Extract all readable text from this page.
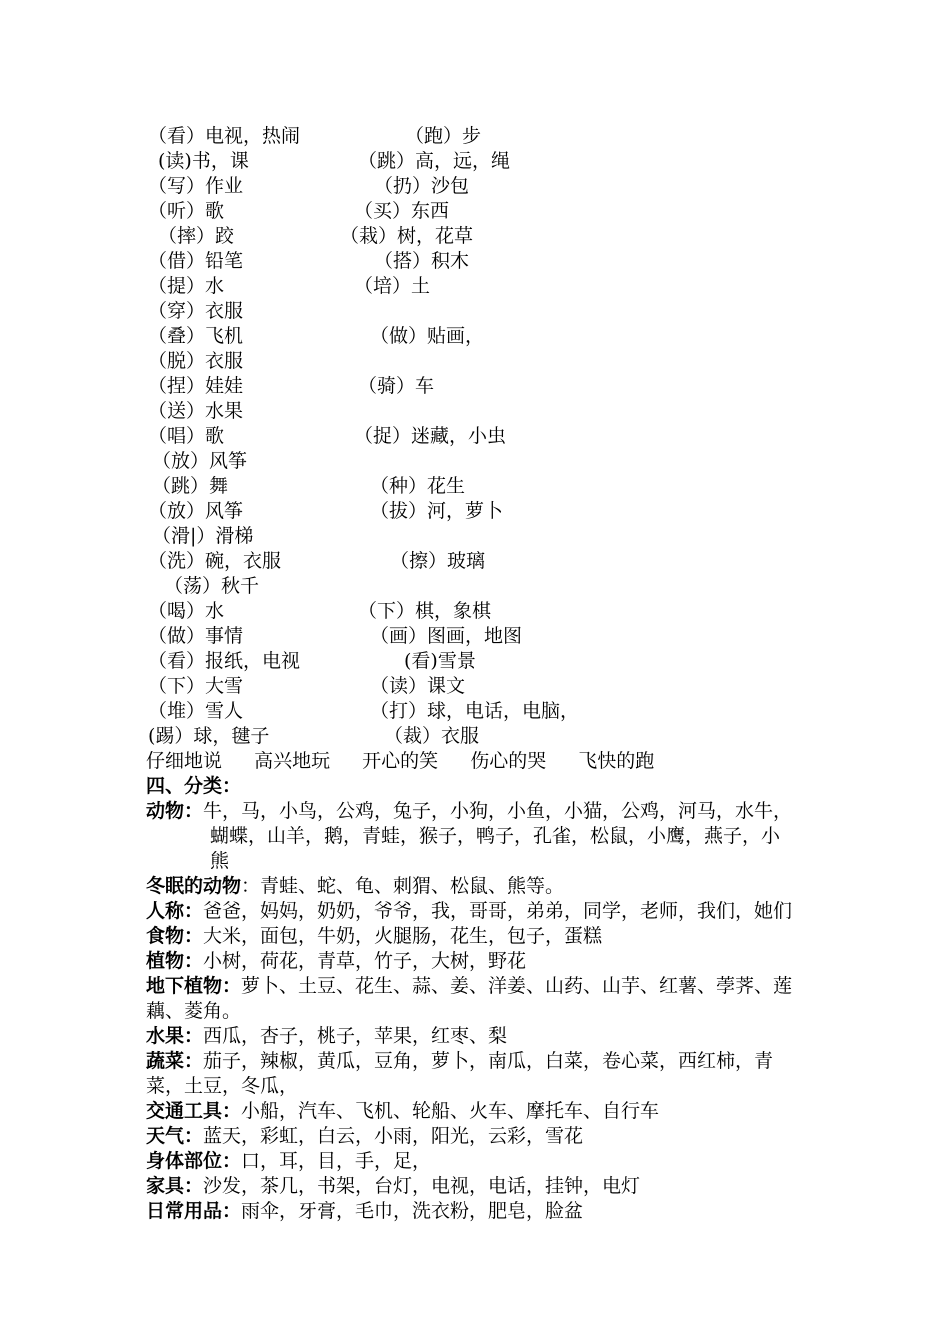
（看）电视，热闹	（跑）步
(读)书，课	（跳）高，远，绳
（写）作业	（扔）沙包
（听）歌	（买）东西
（摔）跤	（栽）树，花草
（借）铅笔	（搭）积木
（提）水	（培）土
（穿）衣服
（叠）飞机	（做）贴画，
（脱）衣服
（捏）娃娃	（骑）车
（送）水果
（唱）歌	（捉）迷藏，小虫
（放）风筝
（跳）舞	（种）花生
（放）风筝	（拔）河，萝卜
（滑|）滑梯
（洗）碗，衣服	（擦）玻璃
（荡）秋千
（喝）水	（下）棋，象棋
（做）事情	（画）图画，地图
（看）报纸，电视	(看)雪景
（下）大雪	（读）课文
（堆）雪人	（打）球，电话，电脑，
(踢）球，毽子	（裁）衣服
仔细地说 高兴地玩 开心的笑 伤心的哭 飞快的跑
四、分类：
动物：牛，马，小鸟，公鸡，兔子，小狗，小鱼，小猫，公鸡，河马，水牛，
蝴蝶，山羊，鹅，青蛙，猴子，鸭子，孔雀，松鼠，小鹰，燕子，小
熊
冬眠的动物：青蛙、蛇、龟、刺猬、松鼠、熊等。
人称：爸爸，妈妈，奶奶，爷爷，我，哥哥，弟弟，同学，老师，我们，她们
食物：大米，面包，牛奶，火腿肠，花生，包子，蛋糕
植物：小树，荷花，青草，竹子，大树，野花
地下植物：萝卜、土豆、花生、蒜、姜、洋姜、山药、山芋、红薯、荸荠、莲
藕、菱角。
水果：西瓜，杏子，桃子，苹果，红枣、梨
蔬菜：茄子，辣椒，黄瓜，豆角，萝卜，南瓜，白菜，卷心菜，西红柿，青
菜，土豆，冬瓜，
交通工具：小船，汽车、飞机、轮船、火车、摩托车、自行车
天气：蓝天，彩虹，白云，小雨，阳光，云彩，雪花
身体部位：口，耳，目，手，足，
家具：沙发，茶几，书架，台灯，电视，电话，挂钟，电灯
日常用品：雨伞，牙膏，毛巾，洗衣粉，肥皂，脸盆
